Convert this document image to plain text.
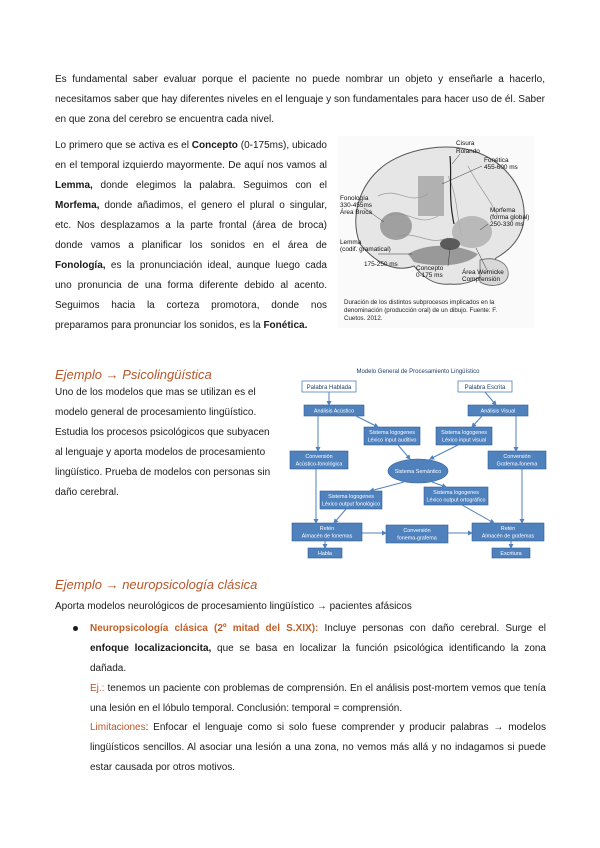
Es fundamental saber evaluar porque el paciente no puede nombrar un objeto y enseñarle a hacerlo, necesitamos saber que hay diferentes niveles en el lenguaje y son fundamentales para hacer uso de él. Saber en que zona del cerebro se encuentra cada nivel.
Lo primero que se activa es el Concepto (0-175ms), ubicado en el temporal izquierdo mayormente. De aquí nos vamos al Lemma, donde elegimos la palabra. Seguimos con el Morfema, donde añadimos, el genero el plural o singular, etc. Nos desplazamos a la parte frontal (área de broca) donde vamos a planificar los sonidos en el área de Fonología, es la pronunciación ideal, aunque luego cada uno pronuncia de una forma diferente debido al acento. Seguimos hacia la corteza promotora, donde nos preparamos para pronunciar los sonidos, es la Fonética.
Cisura
Rolando
Fonética
455-600 ms
Fonología
330-455ms
Área Broca	Morfema
(forma global)
250-330 ms
Lemma
(codif. gramatical)
175-250 ms
Concepto
0-175 ms	Área Wernicke
Comprensión
Duración de los distintos subprocesos implicados en la
denominación (producción oral) de un dibujo. Fuente: F.
Cuetos. 2012.
Ejemplo → Psicolingüística
Uno de los modelos que mas se utilizan es el modelo general de procesamiento lingüístico. Estudia los procesos psicológicos que subyacen al lenguaje y aporta modelos de procesamiento lingüístico. Prueba de modelos con personas sin daño cerebral.
Modelo General de Procesamiento Lingüístico
Palabra Hablada	Palabra Escrita
Análisis Acústico	Análisis Visual
Sistema logogenes
Léxico input auditivo
Sistema logogenes
Léxico input visual
Conversión
Acústico-fonológica
Conversión
Grafema-fonema
Sistema Semántico
Sistema logogenes
Léxico output fonológico
Sistema logogenes
Léxico output ortográfico
Retén
Almacén de fonemas
Conversión
fonema-grafema
Retén
Almacén de grafemas
Habla	Escritura
Ejemplo → neuropsicología clásica
Aporta modelos neurológicos de procesamiento lingüístico → pacientes afásicos
Neuropsicología clásica (2º mitad del S.XIX): Incluye personas con daño cerebral. Surge el enfoque localizacioncita, que se basa en localizar la función psicológica identificando la zona dañada.
Ej.: tenemos un paciente con problemas de comprensión. En el análisis post-mortem vemos que tenía una lesión en el lóbulo temporal. Conclusión: temporal = comprensión.
Limitaciones: Enfocar el lenguaje como si solo fuese comprender y producir palabras → modelos lingüísticos sencillos. Al asociar una lesión a una zona, no vemos más allá y no indagamos si puede estar causada por otros motivos.
